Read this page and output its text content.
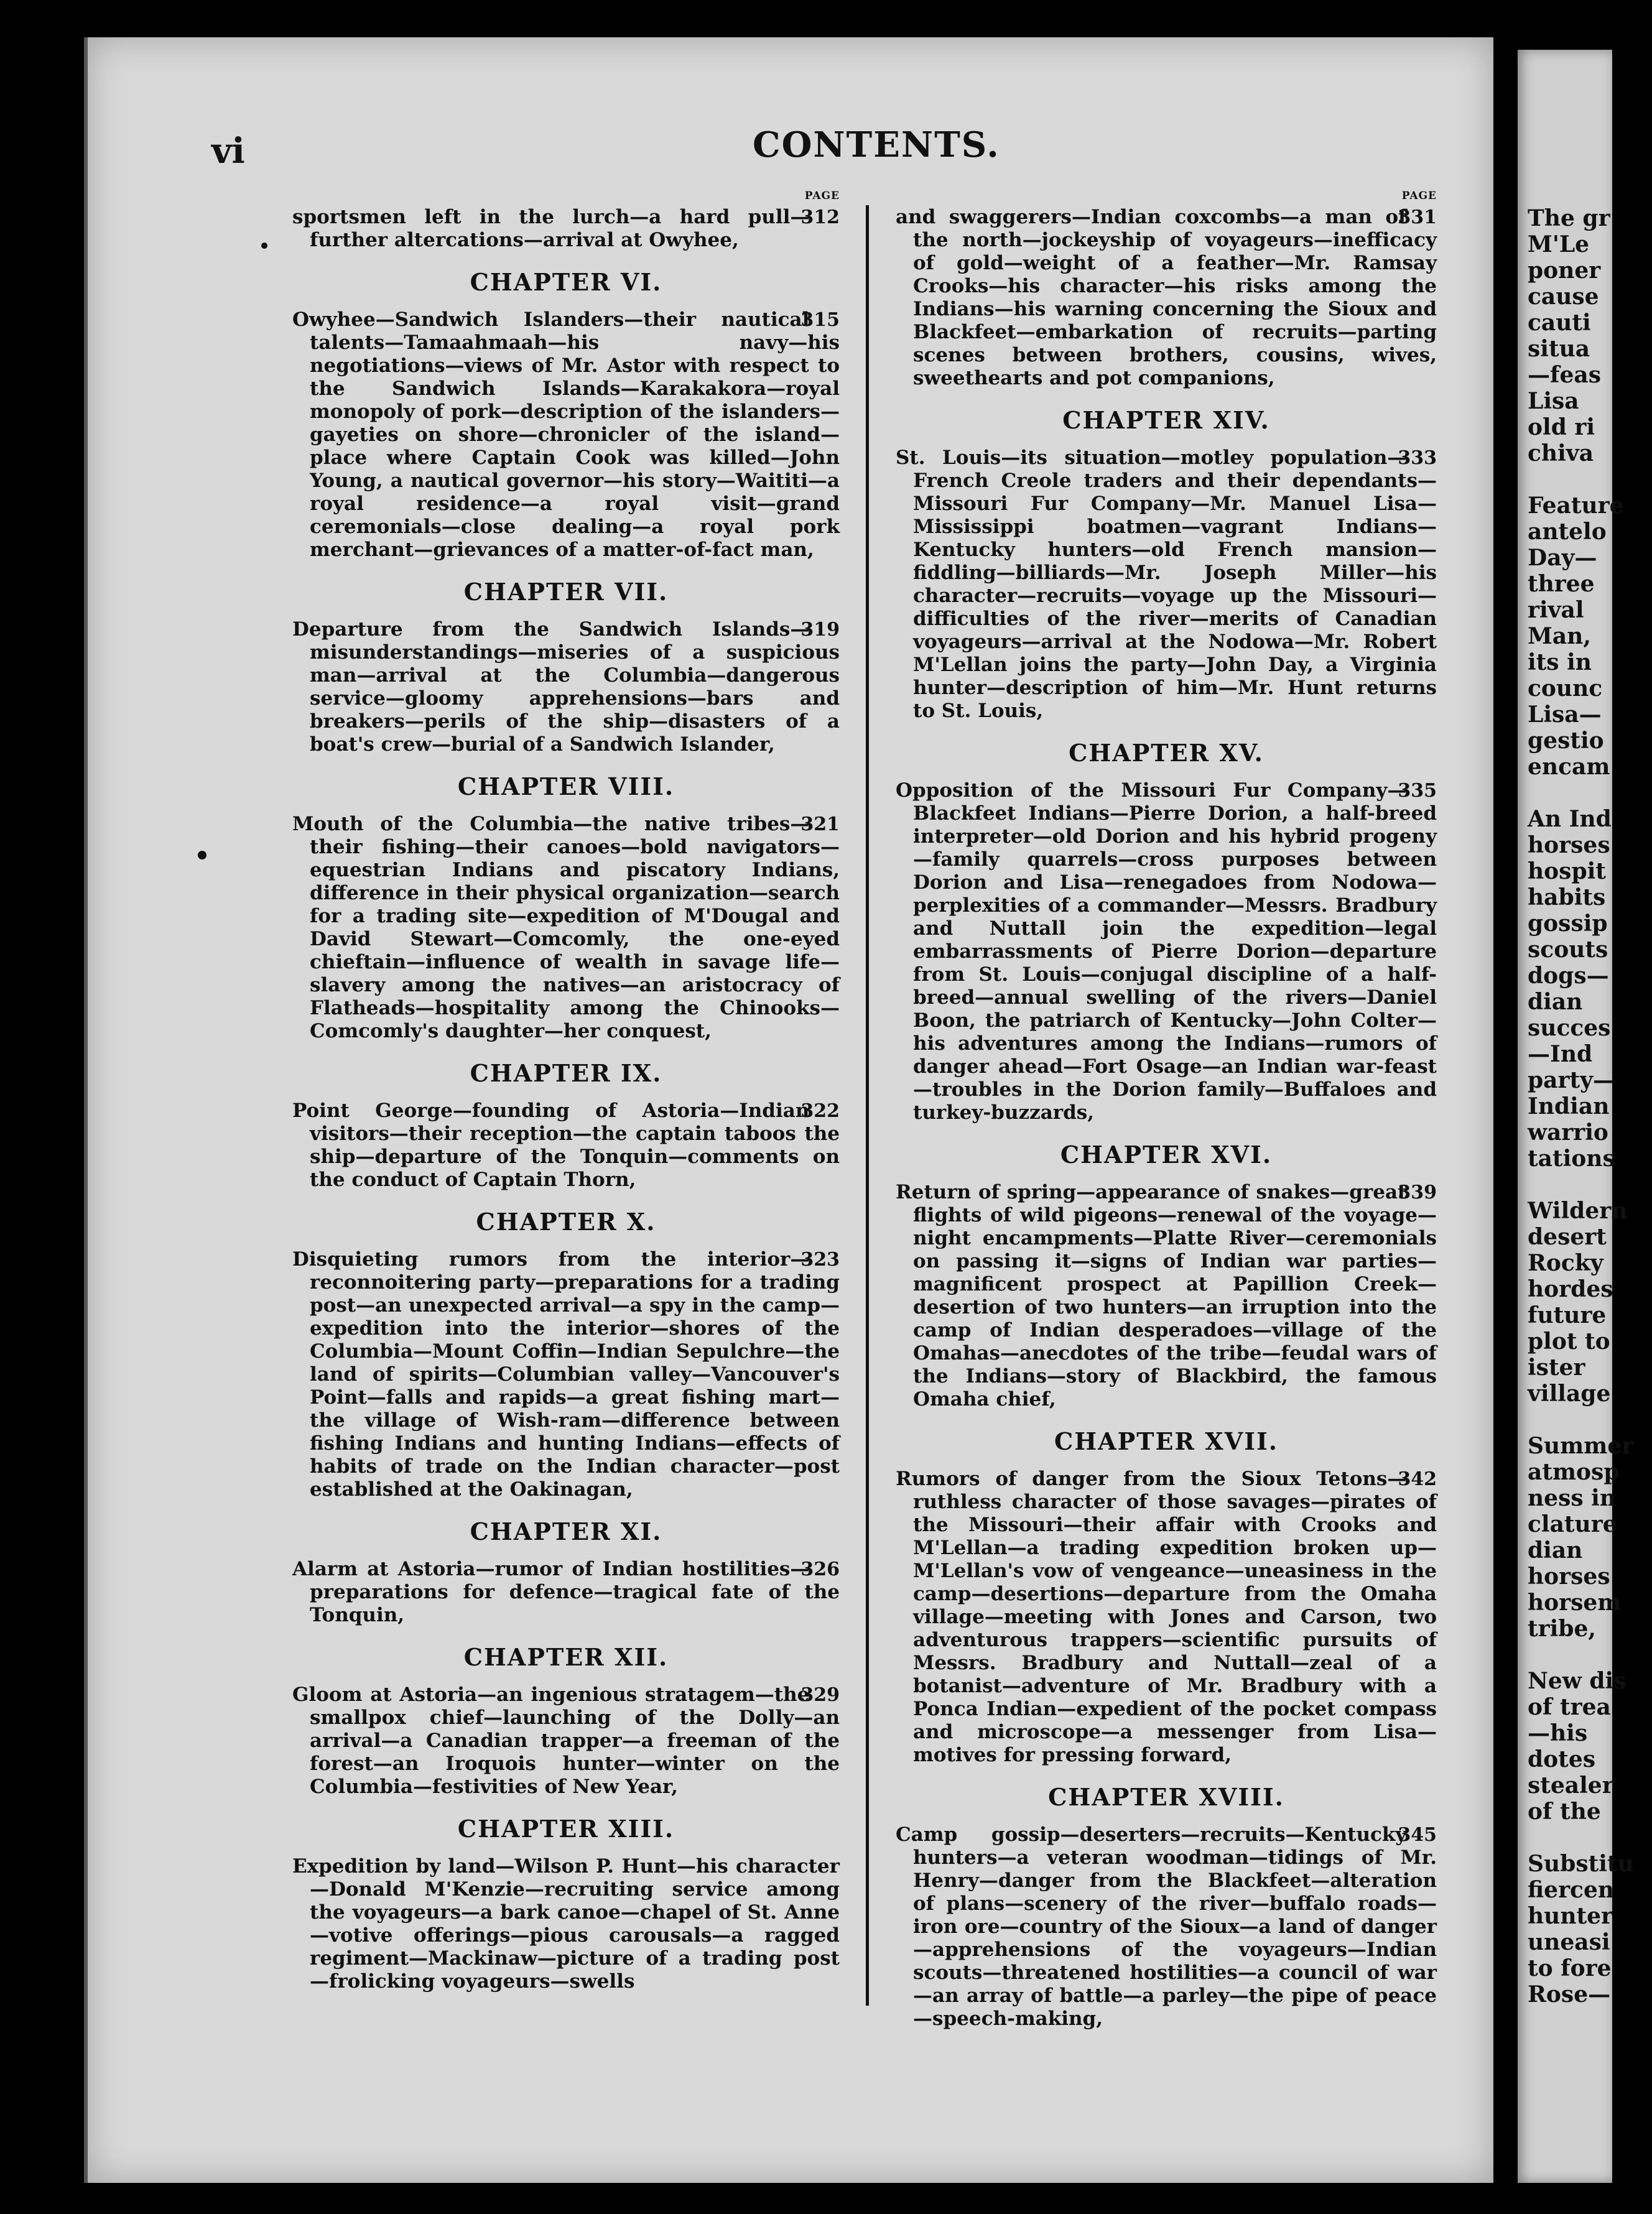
The gr
M'Le
poner
cause
cauti
situa
—feas
Lisa
old ri
chiva
Feature
antelo
Day—
three
rival
Man,
its in
counc
Lisa—
gestio
encam
An Ind
horses
hospit
habits
gossip
scouts
dogs—
dian
succes
—Ind
party—
Indian
warrio
tations
Wildern
desert
Rocky
hordes
future
plot to
ister
village
Summer
atmosp
ness in
clature
dian
horses
horsem
tribe,
New dis
of trea
—his
dotes
stealer
of the
Substitu
fiercen
hunter
uneasi
to fore
Rose—
vi	CONTENTS.
PAGE

312
sportsmen left in the lurch—a hard pull—further altercations—arrival at Owyhee,

CHAPTER VI.

315
Owyhee—Sandwich Islanders—their nautical talents—Tamaahmaah—his navy—his negotiations—views of Mr. Astor with respect to the Sandwich Islands—Karakakora—royal monopoly of pork—description of the islanders—gayeties on shore—chronicler of the island—place where Captain Cook was killed—John Young, a nautical governor—his story—Waititi—a royal residence—a royal visit—grand ceremonials—close dealing—a royal pork merchant—grievances of a matter-of-fact man,

CHAPTER VII.

319
Departure from the Sandwich Islands—misunderstandings—miseries of a suspicious man—arrival at the Columbia—dangerous service—gloomy apprehensions—bars and breakers—perils of the ship—disasters of a boat's crew—burial of a Sandwich Islander,

CHAPTER VIII.

321
Mouth of the Columbia—the native tribes—their fishing—their canoes—bold navigators—equestrian Indians and piscatory Indians, difference in their physical organization—search for a trading site—expedition of M'Dougal and David Stewart—Comcomly, the one-eyed chieftain—influence of wealth in savage life—slavery among the natives—an aristocracy of Flatheads—hospitality among the Chinooks—Comcomly's daughter—her conquest,

CHAPTER IX.

322
Point George—founding of Astoria—Indian visitors—their reception—the captain taboos the ship—departure of the Tonquin—comments on the conduct of Captain Thorn,

CHAPTER X.

323
Disquieting rumors from the interior—reconnoitering party—preparations for a trading post—an unexpected arrival—a spy in the camp—expedition into the interior—shores of the Columbia—Mount Coffin—Indian Sepulchre—the land of spirits—Columbian valley—Vancouver's Point—falls and rapids—a great fishing mart—the village of Wish-ram—difference between fishing Indians and hunting Indians—effects of habits of trade on the Indian character—post established at the Oakinagan,

CHAPTER XI.

326
Alarm at Astoria—rumor of Indian hostilities—preparations for defence—tragical fate of the Tonquin,

CHAPTER XII.

329
Gloom at Astoria—an ingenious stratagem—the smallpox chief—launching of the Dolly—an arrival—a Canadian trapper—a freeman of the forest—an Iroquois hunter—winter on the Columbia—festivities of New Year,

CHAPTER XIII.

Expedition by land—Wilson P. Hunt—his character—Donald M'Kenzie—recruiting service among the voyageurs—a bark canoe—chapel of St. Anne—votive offerings—pious carousals—a ragged regiment—Mackinaw—picture of a trading post—frolicking voyageurs—swells

PAGE

331
and swaggerers—Indian coxcombs—a man of the north—jockeyship of voyageurs—inefficacy of gold—weight of a feather—Mr. Ramsay Crooks—his character—his risks among the Indians—his warning concerning the Sioux and Blackfeet—embarkation of recruits—parting scenes between brothers, cousins, wives, sweethearts and pot companions,

CHAPTER XIV.

333
St. Louis—its situation—motley population—French Creole traders and their dependants—Missouri Fur Company—Mr. Manuel Lisa—Mississippi boatmen—vagrant Indians—Kentucky hunters—old French mansion—fiddling—billiards—Mr. Joseph Miller—his character—recruits—voyage up the Missouri—difficulties of the river—merits of Canadian voyageurs—arrival at the Nodowa—Mr. Robert M'Lellan joins the party—John Day, a Virginia hunter—description of him—Mr. Hunt returns to St. Louis,

CHAPTER XV.

335
Opposition of the Missouri Fur Company—Blackfeet Indians—Pierre Dorion, a half-breed interpreter—old Dorion and his hybrid progeny—family quarrels—cross purposes between Dorion and Lisa—renegadoes from Nodowa—perplexities of a commander—Messrs. Bradbury and Nuttall join the expedition—legal embarrassments of Pierre Dorion—departure from St. Louis—conjugal discipline of a half-breed—annual swelling of the rivers—Daniel Boon, the patriarch of Kentucky—John Colter—his adventures among the Indians—rumors of danger ahead—Fort Osage—an Indian war-feast—troubles in the Dorion family—Buffaloes and turkey-buzzards,

CHAPTER XVI.

339
Return of spring—appearance of snakes—great flights of wild pigeons—renewal of the voyage—night encampments—Platte River—ceremonials on passing it—signs of Indian war parties—magnificent prospect at Papillion Creek—desertion of two hunters—an irruption into the camp of Indian desperadoes—village of the Omahas—anecdotes of the tribe—feudal wars of the Indians—story of Blackbird, the famous Omaha chief,

CHAPTER XVII.

342
Rumors of danger from the Sioux Tetons—ruthless character of those savages—pirates of the Missouri—their affair with Crooks and M'Lellan—a trading expedition broken up—M'Lellan's vow of vengeance—uneasiness in the camp—desertions—departure from the Omaha village—meeting with Jones and Carson, two adventurous trappers—scientific pursuits of Messrs. Bradbury and Nuttall—zeal of a botanist—adventure of Mr. Bradbury with a Ponca Indian—expedient of the pocket compass and microscope—a messenger from Lisa—motives for pressing forward,

CHAPTER XVIII.

345
Camp gossip—deserters—recruits—Kentucky hunters—a veteran woodman—tidings of Mr. Henry—danger from the Blackfeet—alteration of plans—scenery of the river—buffalo roads—iron ore—country of the Sioux—a land of danger—apprehensions of the voyageurs—Indian scouts—threatened hostilities—a council of war—an array of battle—a parley—the pipe of peace—speech-making,
